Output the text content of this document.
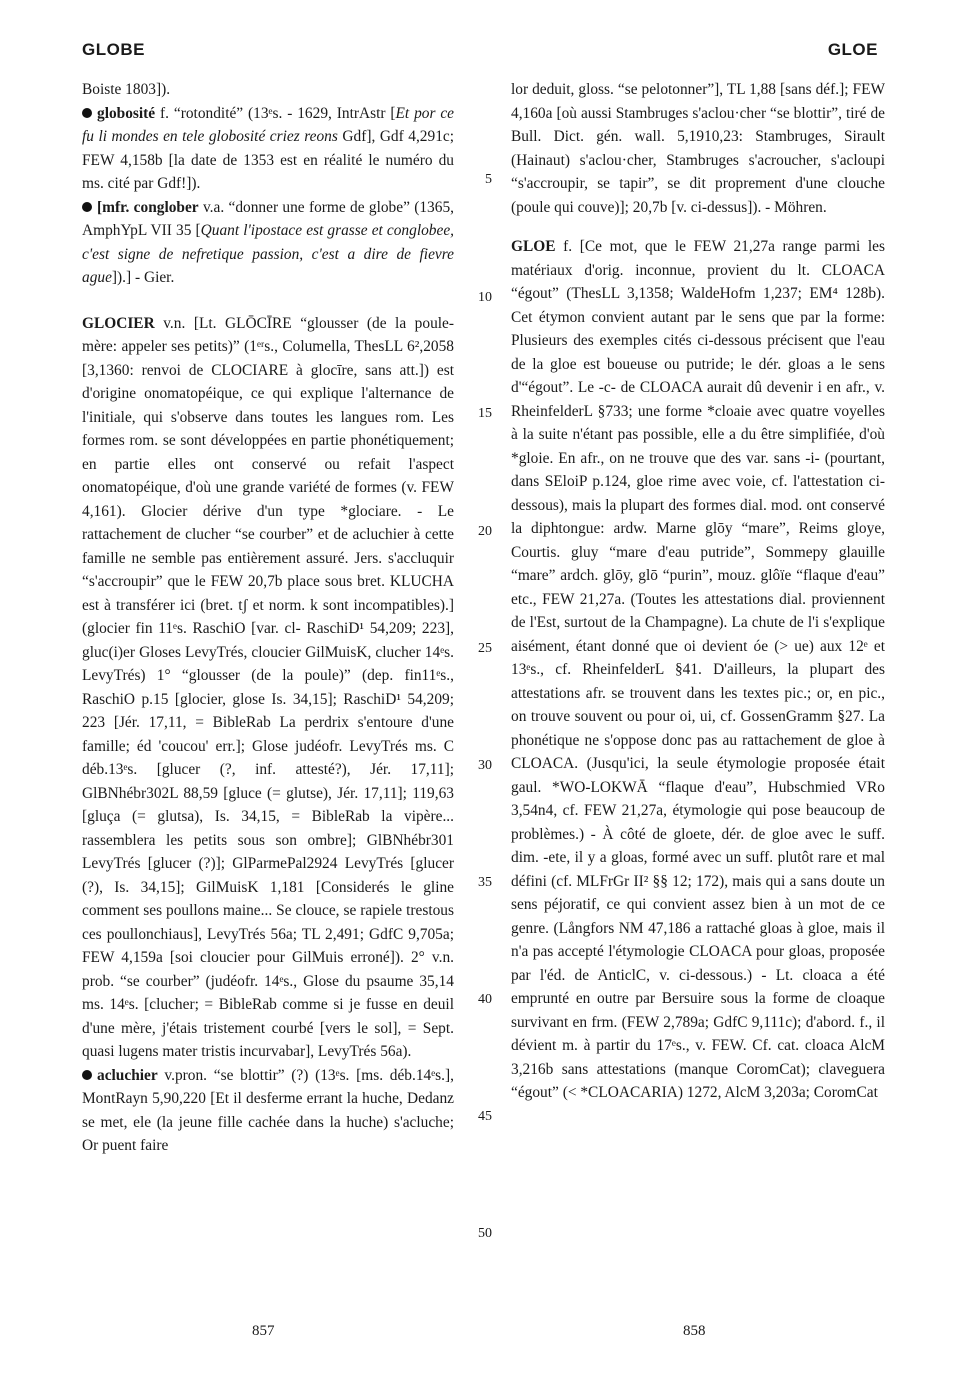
GLOBE	GLOE

Boiste 1803]).

globosité f. “rotondité” (13ᵉs. - 1629, IntrAstr [Et por ce fu li mondes en tele globosité criez reons Gdf], Gdf 4,291c; FEW 4,158b [la date de 1353 est en réalité le numéro du ms. cité par Gdf!]).

[mfr. conglober v.a. “donner une forme de globe” (1365, AmphYpL VII 35 [Quant l'ipostace est grasse et conglobee, c'est signe de nefretique passion, c'est a dire de fievre ague]).] - Gier.

GLOCIER v.n. [Lt. GLŌCĪRE “glousser (de la poule-mère: appeler ses petits)” (1ᵉʳs., Columella, ThesLL 6²,2058 [3,1360: renvoi de CLOCIARE à glocīre, sans att.]) est d'origine onomatopéique, ce qui explique l'alternance de l'initiale, qui s'observe dans toutes les langues rom. Les formes rom. se sont développées en partie phonétiquement; en partie elles ont conservé ou refait l'aspect onomatopéique, d'où une grande variété de formes (v. FEW 4,161). Glocier dérive d'un type *glociare. - Le rattachement de clucher “se courber” et de acluchier à cette famille ne semble pas entièrement assuré. Jers. s'accluquir “s'accroupir” que le FEW 20,7b place sous bret. KLUCHA est à transférer ici (bret. tʃ et norm. k sont incompatibles).] (glocier fin 11ᵉs. RaschiO [var. cl- RaschiD¹ 54,209; 223], gluc(i)er Gloses LevyTrés, cloucier GilMuisK, clucher 14ᵉs. LevyTrés) 1° “glousser (de la poule)” (dep. fin11ᵉs., RaschiO p.15 [glocier, glose Is. 34,15]; RaschiD¹ 54,209; 223 [Jér. 17,11, = BibleRab La perdrix s'entoure d'une famille; éd 'coucou' err.]; Glose judéofr. LevyTrés ms. C déb.13ᵉs. [glucer (?, inf. attesté?), Jér. 17,11]; GlBNhébr302L 88,59 [gluce (= glutse), Jér. 17,11]; 119,63 [gluça (= glutsa), Is. 34,15, = BibleRab la vipère... rassemblera les petits sous son ombre]; GlBNhébr301 LevyTrés [glucer (?)]; GlParmePal2924 LevyTrés [glucer (?), Is. 34,15]; GilMuisK 1,181 [Considerés le gline comment ses poullons maine... Se clouce, se rapiele trestous ces poullonchiaus], LevyTrés 56a; TL 2,491; GdfC 9,705a; FEW 4,159a [soi cloucier pour GilMuis erroné]). 2° v.n. prob. “se courber” (judéofr. 14ᵉs., Glose du psaume 35,14 ms. 14ᵉs. [clucher; = BibleRab comme si je fusse en deuil d'une mère, j'étais tristement courbé [vers le sol], = Sept. quasi lugens mater tristis incurvabar], LevyTrés 56a).

acluchier v.pron. “se blottir” (?) (13ᵉs. [ms. déb.14ᵉs.], MontRayn 5,90,220 [Et il desferme errant la huche, Dedanz se met, ele (la jeune fille cachée dans la huche) s'acluche; Or puent faire

5
10
15
20
25
30
35
40
45
50

lor deduit, gloss. “se pelotonner”], TL 1,88 [sans déf.]; FEW 4,160a [où aussi Stambruges s'aclou·cher “se blottir”, tiré de Bull. Dict. gén. wall. 5,1910,23: Stambruges, Sirault (Hainaut) s'aclou·cher, Stambruges s'acroucher, s'acloupi “s'accroupir, se tapir”, se dit proprement d'une clouche (poule qui couve)]; 20,7b [v. ci-dessus]). - Möhren.

GLOE f. [Ce mot, que le FEW 21,27a range parmi les matériaux d'orig. inconnue, provient du lt. CLOACA “égout” (ThesLL 3,1358; WaldeHofm 1,237; EM⁴ 128b). Cet étymon convient autant par le sens que par la forme: Plusieurs des exemples cités ci-dessous précisent que l'eau de la gloe est boueuse ou putride; le dér. gloas a le sens d'“égout”. Le -c- de CLOACA aurait dû devenir i en afr., v. RheinfelderL §733; une forme *cloaie avec quatre voyelles à la suite n'étant pas possible, elle a du être simplifiée, d'où *gloie. En afr., on ne trouve que des var. sans -i- (pourtant, dans SEloiP p.124, gloe rime avec voie, cf. l'attestation ci-dessous), mais la plupart des formes dial. mod. ont conservé la diphtongue: ardw. Marne glōy “mare”, Reims gloye, Courtis. gluy “mare d'eau putride”, Sommepy glauille “mare” ardch. glōy, glō “purin”, mouz. glôïe “flaque d'eau” etc., FEW 21,27a. (Toutes les attestations dial. proviennent de l'Est, surtout de la Champagne). La chute de l'i s'explique aisément, étant donné que oi devient óe (> ue) aux 12ᵉ et 13ᵉs., cf. RheinfelderL §41. D'ailleurs, la plupart des attestations afr. se trouvent dans les textes pic.; or, en pic., on trouve souvent ou pour oi, ui, cf. GossenGramm §27. La phonétique ne s'oppose donc pas au rattachement de gloe à CLOACA. (Jusqu'ici, la seule étymologie proposée était gaul. *WO-LOKWĀ “flaque d'eau”, Hubschmied VRo 3,54n4, cf. FEW 21,27a, étymologie qui pose beaucoup de problèmes.) - À côté de gloete, dér. de gloe avec le suff. dim. -ete, il y a gloas, formé avec un suff. plutôt rare et mal défini (cf. MLFrGr II² §§ 12; 172), mais qui a sans doute un sens péjoratif, ce qui convient assez bien à un mot de ce genre. (Långfors NM 47,186 a rattaché gloas à gloe, mais il n'a pas accepté l'étymologie CLOACA pour gloas, proposée par l'éd. de AnticlC, v. ci-dessous.) - Lt. cloaca a été emprunté en outre par Bersuire sous la forme de cloaque survivant en frm. (FEW 2,789a; GdfC 9,111c); d'abord. f., il dévient m. à partir du 17ᵉs., v. FEW. Cf. cat. cloaca AlcM 3,216b sans attestations (manque CoromCat); claveguera “égout” (< *CLOACARIA) 1272, AlcM 3,203a; CoromCat

857	858
